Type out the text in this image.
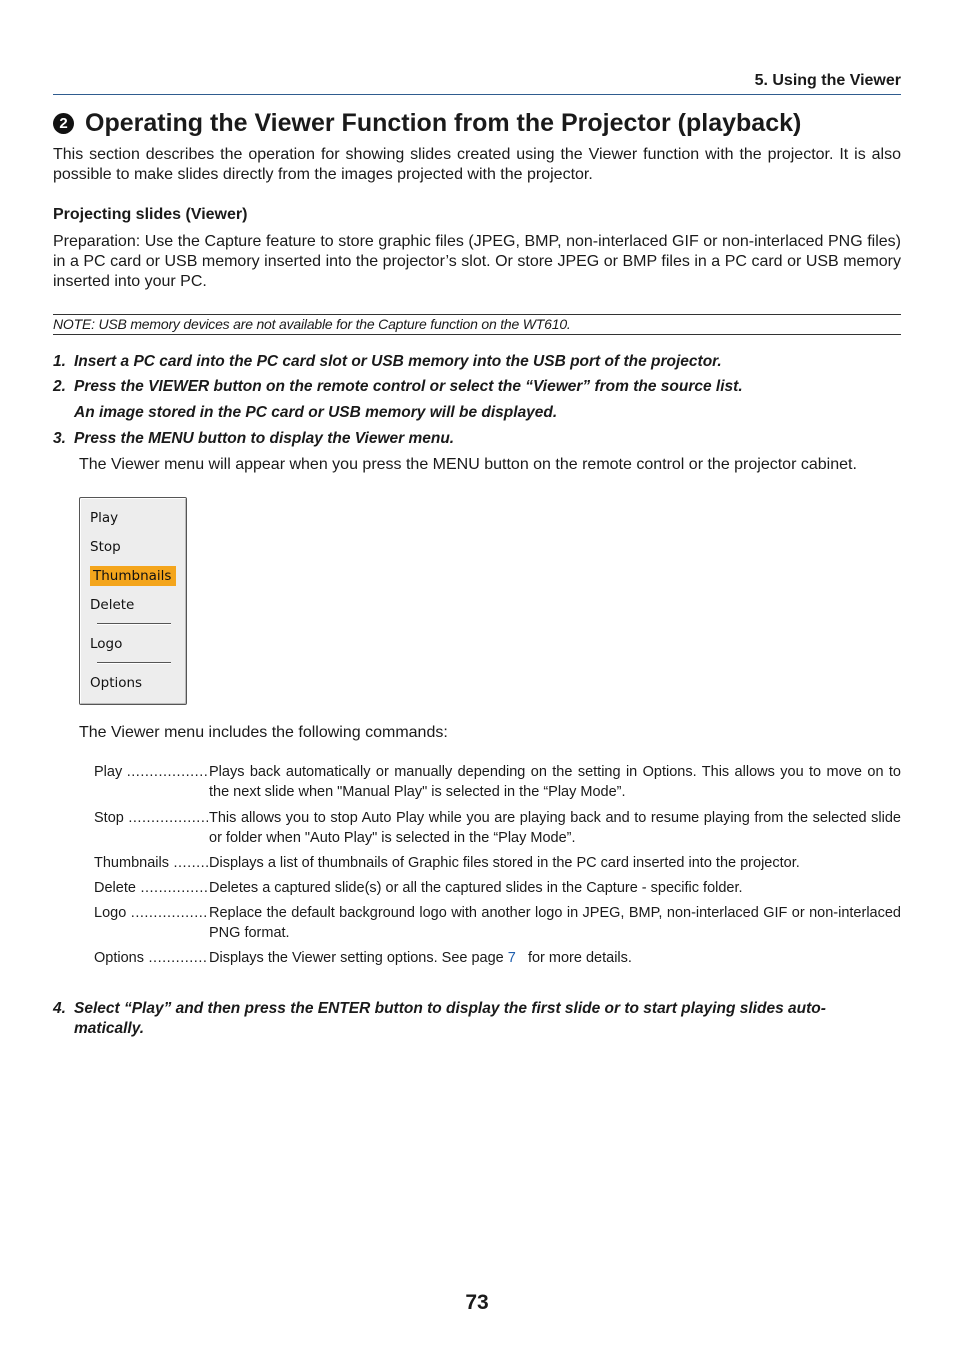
5. Using the Viewer
2 Operating the Viewer Function from the Projector (playback)
This section describes the operation for showing slides created using the Viewer function with the projector. It is also possible to make slides directly from the images projected with the projector.
Projecting slides (Viewer)
Preparation: Use the Capture feature to store graphic files (JPEG, BMP, non-interlaced GIF or non-interlaced PNG files) in a PC card or USB memory inserted into the projector’s slot. Or store JPEG or BMP files in a PC card or USB memory inserted into your PC.
NOTE: USB memory devices are not available for the Capture function on the WT610.
1. Insert a PC card into the PC card slot or USB memory into the USB port of the projector.
2. Press the VIEWER button on the remote control or select the “Viewer” from the source list.
An image stored in the PC card or USB memory will be displayed.
3. Press the MENU button to display the Viewer menu.
The Viewer menu will appear when you press the MENU button on the remote control or the projector cabinet.
Play
Stop
Thumbnails
Delete
Logo
Options
The Viewer menu includes the following commands:
Play .....	Plays back automatically or manually depending on the setting in Options. This allows you to move on to the next slide when "Manual Play" is selected in the “Play Mode”.
Stop .....	This allows you to stop Auto Play while you are playing back and to resume playing from the selected slide or folder when "Auto Play" is selected in the “Play Mode”.
Thumbnails .....	Displays a list of thumbnails of Graphic files stored in the PC card inserted into the projector.
Delete .....	Deletes a captured slide(s) or all the captured slides in the Capture - specific folder.
Logo .....	Replace the default background logo with another logo in JPEG, BMP, non-interlaced GIF or non-interlaced PNG format.
Options .....	Displays the Viewer setting options. See page 7 for more details.
4. Select “Play” and then press the ENTER button to display the first slide or to start playing slides auto-
matically.
73
